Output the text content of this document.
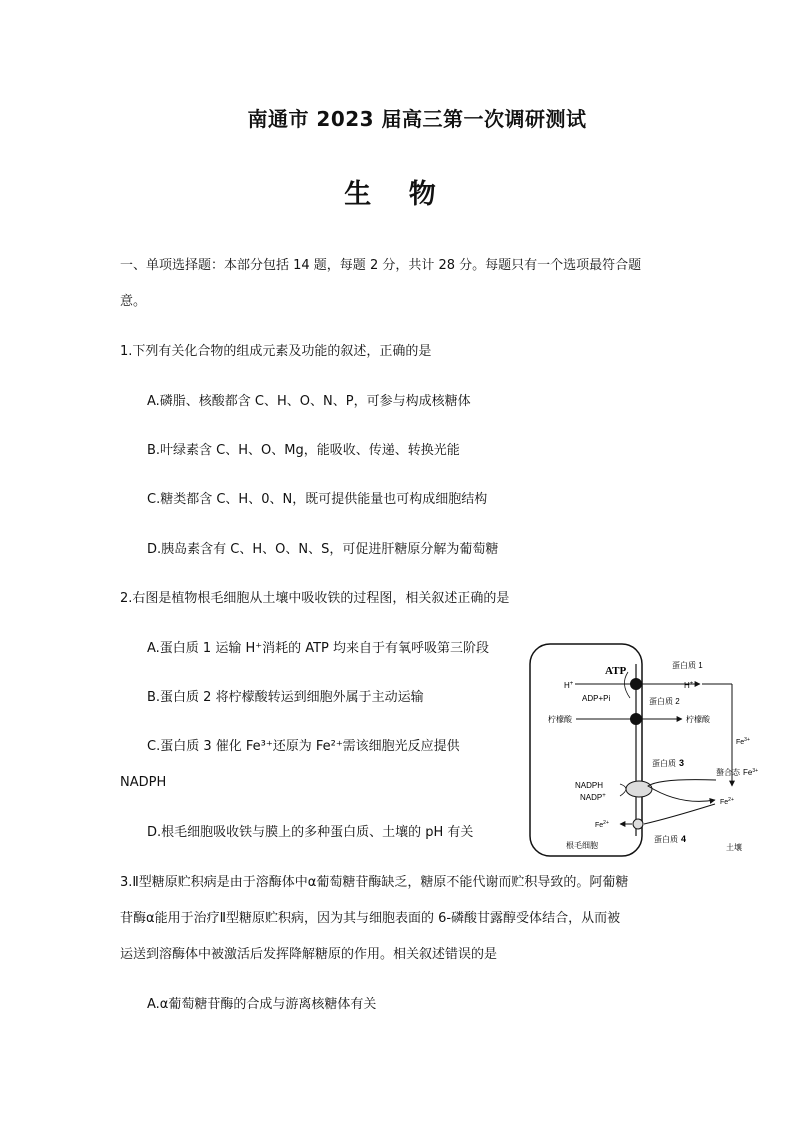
南通市 2023 届高三第一次调研测试
生 物
一、单项选择题：本部分包括 14 题，每题 2 分，共计 28 分。每题只有一个选项最符合题
意。
1.下列有关化合物的组成元素及功能的叙述，正确的是
A.磷脂、核酸都含 C、H、O、N、P，可参与构成核糖体
B.叶绿素含 C、H、O、Mg，能吸收、传递、转换光能
C.糖类都含 C、H、0、N，既可提供能量也可构成细胞结构
D.胰岛素含有 C、H、O、N、S，可促进肝糖原分解为葡萄糖
2.右图是植物根毛细胞从土壤中吸收铁的过程图，相关叙述正确的是
A.蛋白质 1 运输 H⁺消耗的 ATP 均来自于有氧呼吸第三阶段
B.蛋白质 2 将柠檬酸转运到细胞外属于主动运输
C.蛋白质 3 催化 Fe³⁺还原为 Fe²⁺需该细胞光反应提供
NADPH
D.根毛细胞吸收铁与膜上的多种蛋白质、土壤的 pH 有关
3.Ⅱ型糖原贮积病是由于溶酶体中α葡萄糖苷酶缺乏，糖原不能代谢而贮积导致的。阿葡糖
苷酶α能用于治疗Ⅱ型糖原贮积病，因为其与细胞表面的 6-磷酸甘露醇受体结合，从而被
运送到溶酶体中被激活后发挥降解糖原的作用。相关叙述错误的是
A.α葡萄糖苷酶的合成与游离核糖体有关
ATP
ADP+Pi
H+	H+
蛋白质 1
蛋白质 2
柠檬酸	柠檬酸
$Fe^{3+}$
螯合态 $Fe^{3+}$
蛋白质 3
NADPH
NADP+
$Fe^{2+}$
$Fe^{2+}$
蛋白质 4
根毛细胞	土壤
